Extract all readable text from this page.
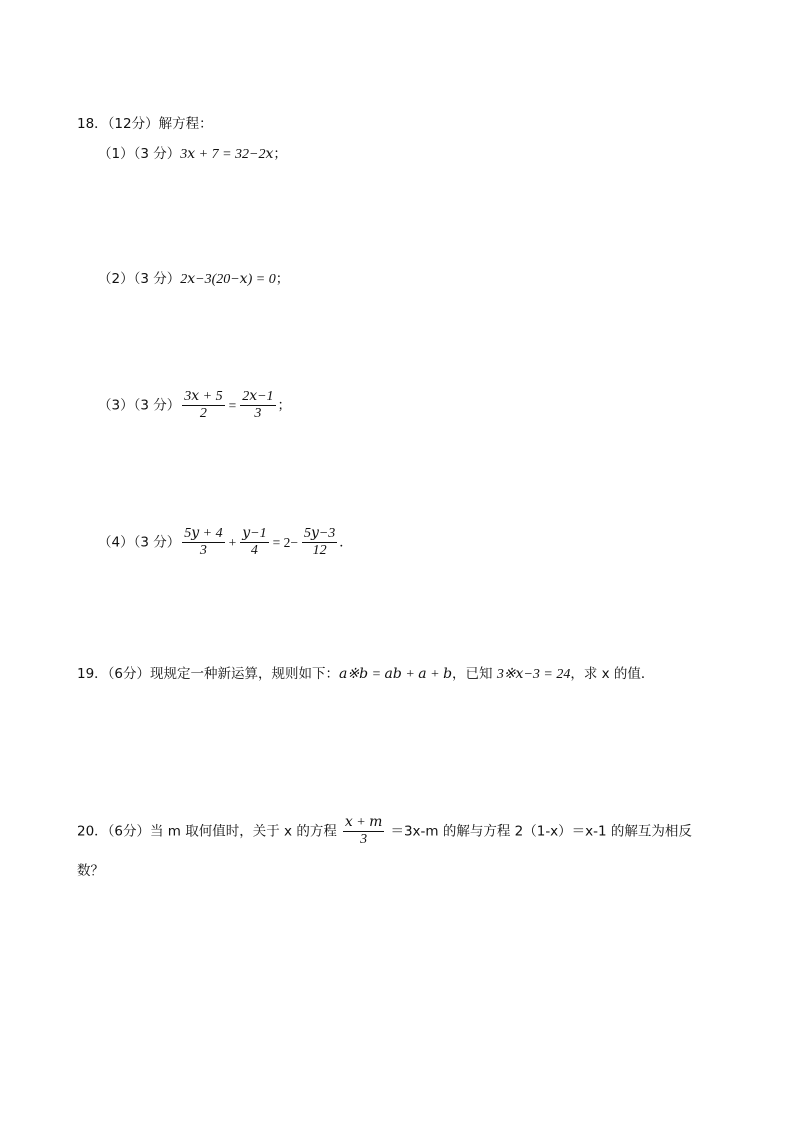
18．（12分）解方程：
（1）（3 分）3𝑥 + 7 = 32−2𝑥；
（2）（3 分）2𝑥−3(20−𝑥) = 0；
（3）（3 分） $\frac{\text{3𝑥 + 5}}{2} = \frac{\text{2𝑥−1}}{3}$ ；
（4）（3 分） $\frac{\text{5𝑦 + 4}}{3} + \frac{\text{𝑦−1}}{4} = 2- \frac{\text{5𝑦−3}}{12}$ ．
19．（6分）现规定一种新运算，规则如下：𝑎※𝑏 = 𝑎𝑏 + 𝑎 + 𝑏，已知 3※𝑥−3 = 24，求 x 的值．
20．（6分）当 m 取何值时，关于 x 的方程 $\frac{\text{𝑥 + 𝑚}}{3} =3x-m$ 的解与方程 2（1-x）＝x-1 的解互为相反
数？
